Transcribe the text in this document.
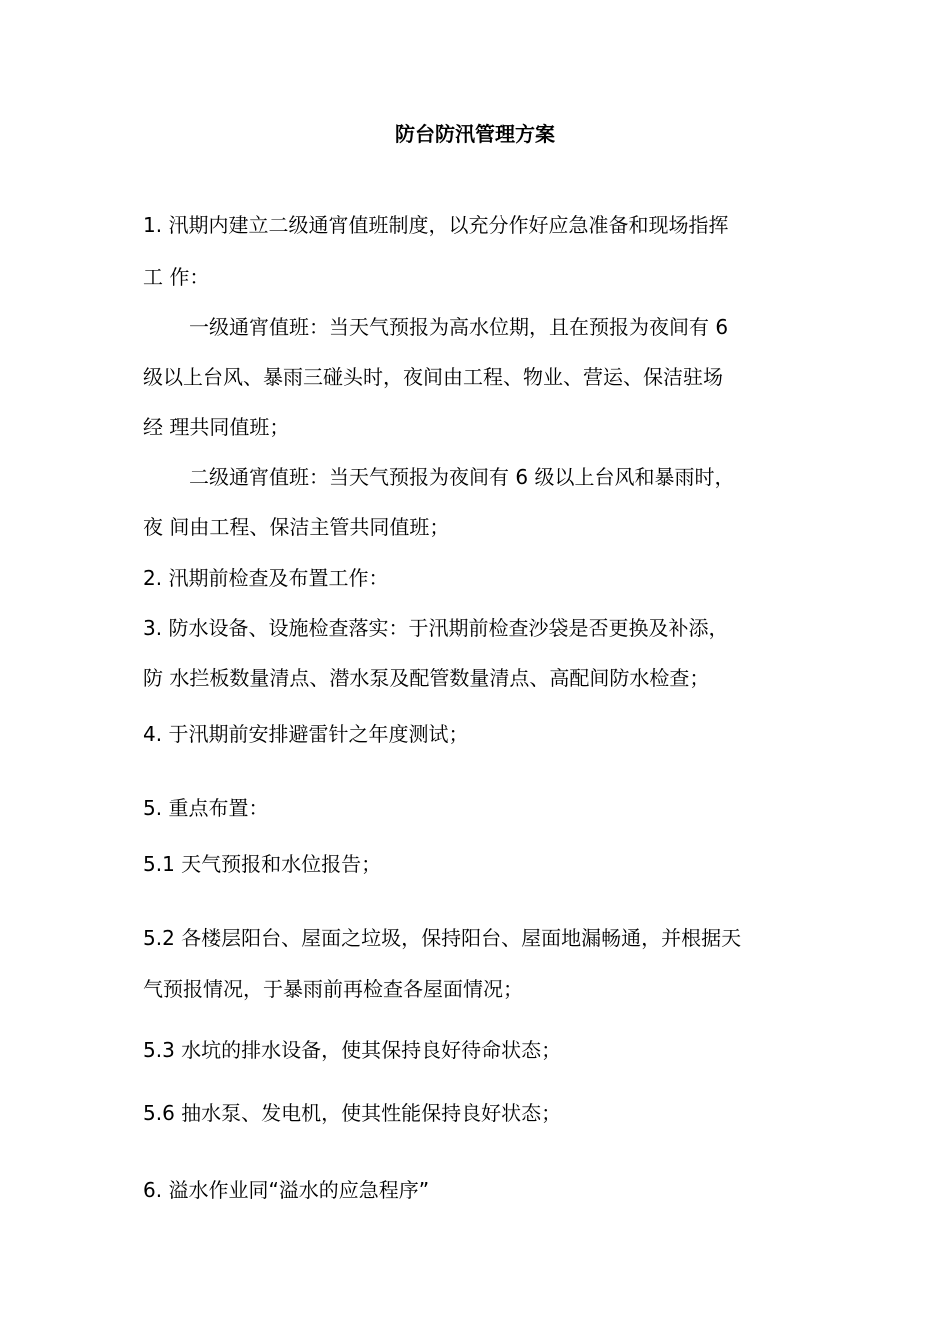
防台防汛管理方案
1. 汛期内建立二级通宵值班制度，以充分作好应急准备和现场指挥
工 作：
一级通宵值班：当天气预报为高水位期，且在预报为夜间有 6
级以上台风、暴雨三碰头时，夜间由工程、物业、营运、保洁驻场
经 理共同值班；
二级通宵值班：当天气预报为夜间有 6 级以上台风和暴雨时，
夜 间由工程、保洁主管共同值班；
2. 汛期前检查及布置工作：
3. 防水设备、设施检查落实：于汛期前检查沙袋是否更换及补添，
防 水拦板数量清点、潜水泵及配管数量清点、高配间防水检查；
4. 于汛期前安排避雷针之年度测试；
5. 重点布置：
5.1 天气预报和水位报告；
5.2 各楼层阳台、屋面之垃圾，保持阳台、屋面地漏畅通，并根据天
气预报情况，于暴雨前再检查各屋面情况；
5.3 水坑的排水设备，使其保持良好待命状态；
5.6 抽水泵、发电机，使其性能保持良好状态；
6. 溢水作业同“溢水的应急程序”
